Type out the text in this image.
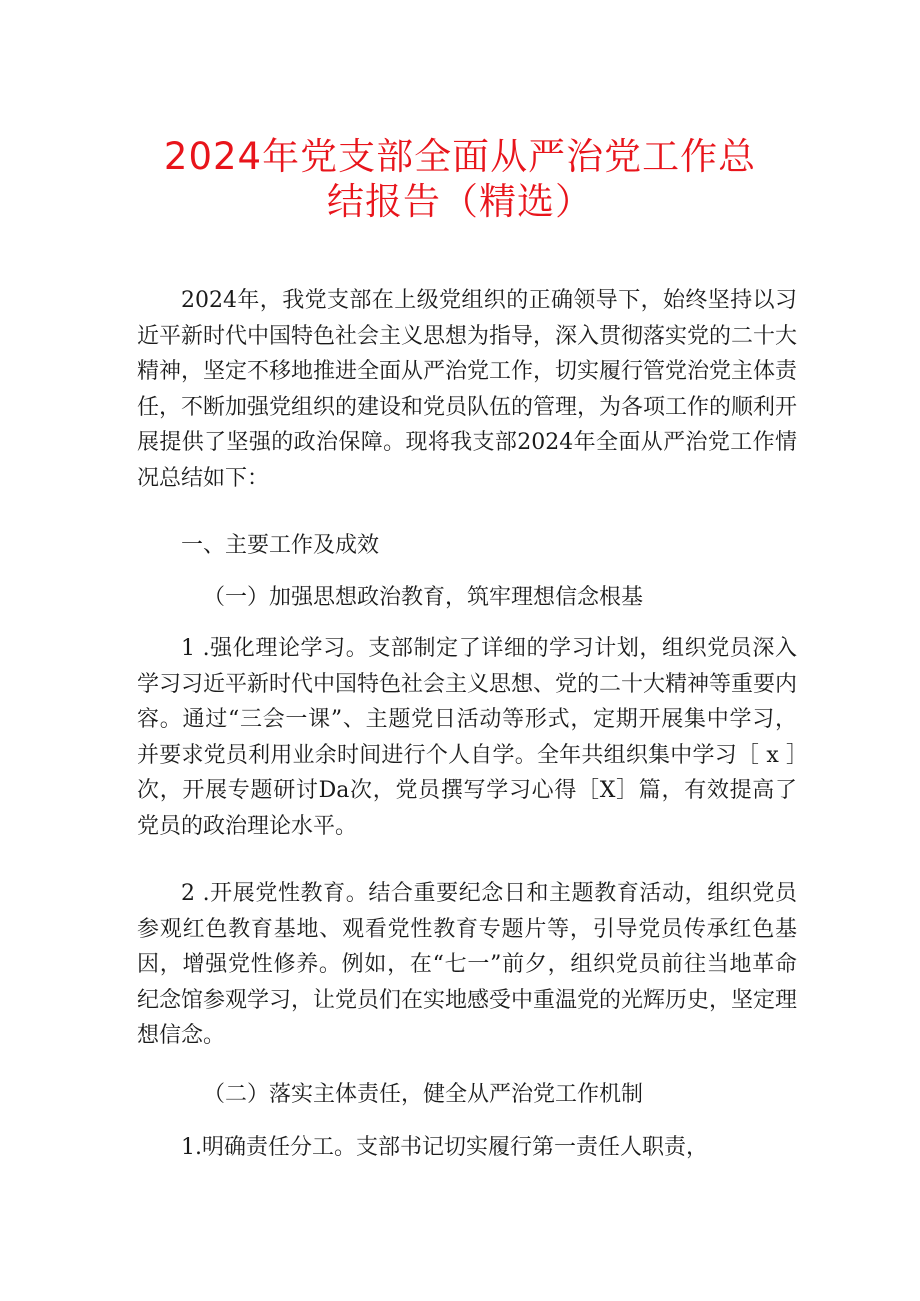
2024年党支部全面从严治党工作总
结报告（精选）

2024年，我党支部在上级党组织的正确领导下，始终坚持以习近平新时代中国特色社会主义思想为指导，深入贯彻落实党的二十大精神，坚定不移地推进全面从严治党工作，切实履行管党治党主体责任，不断加强党组织的建设和党员队伍的管理，为各项工作的顺利开展提供了坚强的政治保障。现将我支部2024年全面从严治党工作情况总结如下：

一、主要工作及成效

（一）加强思想政治教育，筑牢理想信念根基

1 .强化理论学习。支部制定了详细的学习计划，组织党员深入学习习近平新时代中国特色社会主义思想、党的二十大精神等重要内容。通过“三会一课”、主题党日活动等形式，定期开展集中学习，并要求党员利用业余时间进行个人自学。全年共组织集中学习［ x ］次，开展专题研讨Da次，党员撰写学习心得［X］篇，有效提高了党员的政治理论水平。

2 .开展党性教育。结合重要纪念日和主题教育活动，组织党员参观红色教育基地、观看党性教育专题片等，引导党员传承红色基因，增强党性修养。例如，在“七一”前夕，组织党员前往当地革命纪念馆参观学习，让党员们在实地感受中重温党的光辉历史，坚定理想信念。

（二）落实主体责任，健全从严治党工作机制

1.明确责任分工。支部书记切实履行第一责任人职责，
